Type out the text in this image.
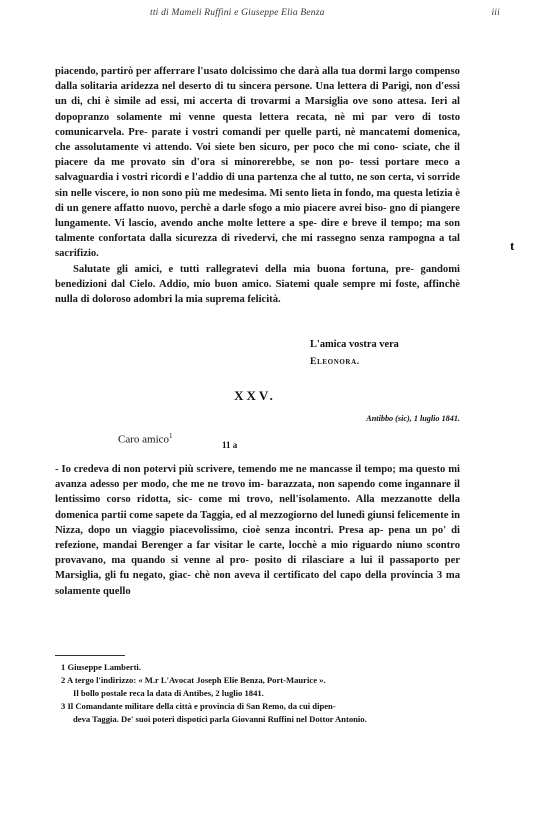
tti di Mameli Ruffini e Giuseppe Elia Benza	iii

piacendo, partirò per afferrare l'usato dolcissimo che darà alla tua dormi largo compenso dalla solitaria aridezza nel deserto di tu sincera persone. Una lettera di Parigi, non d'essi un di, chi è simile ad essi, mi accerta di trovarmi a Marsiglia ove sono attesa. Ieri al dopopranzo solamente mi venne questa lettera recata, nè mi par vero di tosto comunicarvela. Pre- parate i vostri comandi per quelle parti, nè mancatemi domenica, che assolutamente vi attendo. Voi siete ben sicuro, per poco che mi cono- sciate, che il piacere da me provato sin d'ora si minorerebbe, se non po- tessi portare meco a salvaguardia i vostri ricordi e l'addio di una partenza che al tutto, ne son certa, vi sorride sin nelle viscere, io non sono più me medesima. Mi sento lieta in fondo, ma questa letizia è di un genere affatto nuovo, perchè a darle sfogo a mio piacere avrei biso- gno di piangere lungamente. Vi lascio, avendo anche molte lettere a spe- dire e breve il tempo; ma son talmente confortata dalla sicurezza di rivedervi, che mi rassegno senza rampogna a tal sacrifizio.

Salutate gli amici, e tutti rallegratevi della mia buona fortuna, pre- gandomi benedizioni dal Cielo. Addio, mio buon amico. Siatemi quale sempre mi foste, affinchè nulla di doloroso adombri la mia suprema felicità.

L'amica vostra vera
Eleonora.
XXV.
Antibbo (sic), 1 luglio 1841.
Caro amico$^1$
11 a

- Io credeva di non potervi più scrivere, temendo me ne mancasse il tempo; ma questo mi avanza adesso per modo, che me ne trovo im- barazzata, non sapendo come ingannare il lentissimo corso ridotta, sic- come mi trovo, nell'isolamento. Alla mezzanotte della domenica partii come sapete da Taggia, ed al mezzogiorno del lunedì giunsi felicemente in Nizza, dopo un viaggio piacevolissimo, cioè senza incontri. Presa ap- pena un po' di refezione, mandai Berenger a far visitar le carte, locchè a mio riguardo niuno scontro provavano, ma quando si venne al pro- posito di rilasciare a lui il passaporto per Marsiglia, gli fu negato, giac- chè non aveva il certificato del capo della provincia 3 ma solamente quello

1 Giuseppe Lamberti.
2 A tergo l'indirizzo: « M.r L'Avocat Joseph Elie Benza, Port-Maurice ».
Il bollo postale reca la data di Antibes, 2 luglio 1841.
3 Il Comandante militare della città e provincia di San Remo, da cui dipen-
deva Taggia. De' suoi poteri dispotici parla Giovanni Ruffini nel Dottor Antonio.
t
